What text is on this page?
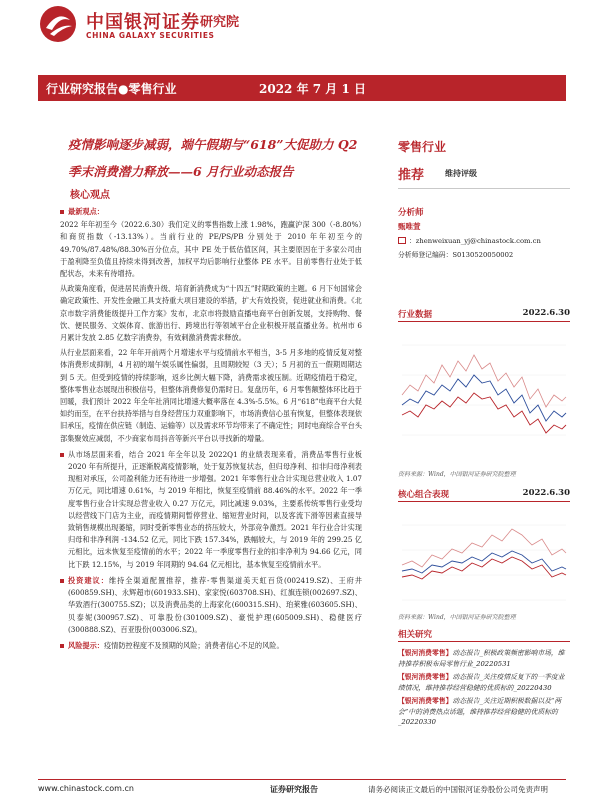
中国银河证券 研究院
CHINA GALAXY SECURITIES
行业研究报告●零售行业	2022 年 7 月 1 日
疫情影响逐步减弱，端午假期与“618”大促助力 Q2
季末消费潜力释放——6 月行业动态报告
核心观点
最新观点：

2022 年年初至今（2022.6.30）我们定义的零售指数上涨 1.98%，跑赢沪深 300（-8.80%）和商贸指数（-13.13%）。当前行业的 PE/PS/PB 分别处于 2010 年年初至今的 49.70%/87.48%/88.30%百分位点，其中 PE 处于低估值区间，其主要原因在于多家公司由于盈利降至负值且持续未得到改善，加权平均后影响行业整体 PE 水平。目前零售行业处于低配状态，未来有待增持。

从政策角度看，促进居民消费升级、培育新消费成为“十四五”时期政策的主题。6 月下旬国常会确定政策性、开发性金融工具支持重大项目建设的举措，扩大有效投资，促进就业和消费。《北京市数字消费能级提升工作方案》发布，北京市将鼓励直播电商平台创新发展，支持购物、餐饮、便民服务、文娱体育、旅游出行、跨境出行等领域平台企业积极开展直播业务。杭州市 6 月累计发放 2.85 亿数字消费券，有效刺激消费需求释放。

从行业层面来看，22 年年开前两个月增速水平与疫情前水平相当，3-5 月多地的疫情反复对整体消费形成抑制，4 月初的端午娱乐属性偏弱，且周期较短（3 天）；5 月初的五一假期周期达到 5 天。但受到疫情的持续影响，返乡比例大幅下降，消费需求被压制。近期疫情趋于稳定，整体零售业态展现出积极信号，但整体消费修复仍需时日。复盘历年，6 月零售额整体环比趋于回暖，我们预计 2022 年全年社消同比增速大概率落在 4.3%-5.5%。6 月“618”电商平台大促如约而至，在平台扶持举措与自身经营压力双重影响下，市场消费信心虽有恢复，但整体表现依旧承压，疫情在供应链（制造、运输等）以及需求环节均带来了不确定性；同时电商综合平台头部集聚效应减弱，不少商家布局抖音等新兴平台以寻找新的增量。

从市场层面来看，结合 2021 年全年以及 2022Q1 的业绩表现来看，消费品零售行业板 2020 年有所提升，正逐渐脱离疫情影响，处于复苏恢复状态，但归母净利、扣非归母净利表现相对承压，公司盈利能力还有待进一步增强。2021 年零售行业合计实现总营业收入 1.07 万亿元，同比增速 0.61%，与 2019 年相比，恢复至疫情前 88.46%的水平。2022 年一季度零售行业合计实现总营业收入 0.27 万亿元，同比减速 9.03%，主要系传统零售行业受均以经营线下门店为主业，而疫情期间暂停营业、缩短营业时间，以及客流下滑等因素直接导致销售规模出现萎缩，同时受新零售业态的挤压较大，外部竞争激烈。2021 年行业合计实现归母和非净利润 -134.52 亿元，同比下跌 157.34%，跌幅较大，与 2019 年的 299.25 亿元相比，远未恢复至疫情前的水平；2022 年一季度零售行业的扣非净利为 94.66 亿元，同比下跌 12.15%，与 2019 年同期的 94.64 亿元相比，基本恢复至疫情前水平。
投资建议：维持全渠道配置推荐，推荐-零售渠道美天虹百货(002419.SZ)、王府井(600859.SH)、永辉超市(601933.SH)、家家悦(603708.SH)、红旗连锁(002697.SZ)、华致酒行(300755.SZ)；以及消费品类的上海家化(600315.SH)、珀莱雅(603605.SH)、贝泰妮(300957.SZ)、可靠股份(301009.SZ)、豪悦护理(605009.SH)、稳健医疗(300888.SZ)、百亚股份(003006.SZ)。
风险提示：疫情防控程度不及预期的风险；消费者信心不足的风险。
零售行业
推荐	维持评级
分析师
甄唯萱
：zhenweixuan_yj@chinastock.com.cn
分析师登记编码：S0130520050002
行业数据	2022.6.30
资料来源：Wind，中国银河证券研究院整理
核心组合表现	2022.6.30
资料来源：Wind，中国银河证券研究院整理
相关研究
【银河消费零售】动态报告_积极政策频密影响市场，维持推荐积极布局零售行业_20220531
【银河消费零售】动态报告_关注疫情反复下的一季度业绩情况，维持推荐经营稳健的优质标的_20220430
【银河消费零售】动态报告_关注近期积极数据以及“两会”中的消费热点话题，维持推荐经营稳健的优质标的_20220330
www.chinastock.com.cn	证券研究报告	请务必阅读正文最后的中国银河证券股份公司免责声明
